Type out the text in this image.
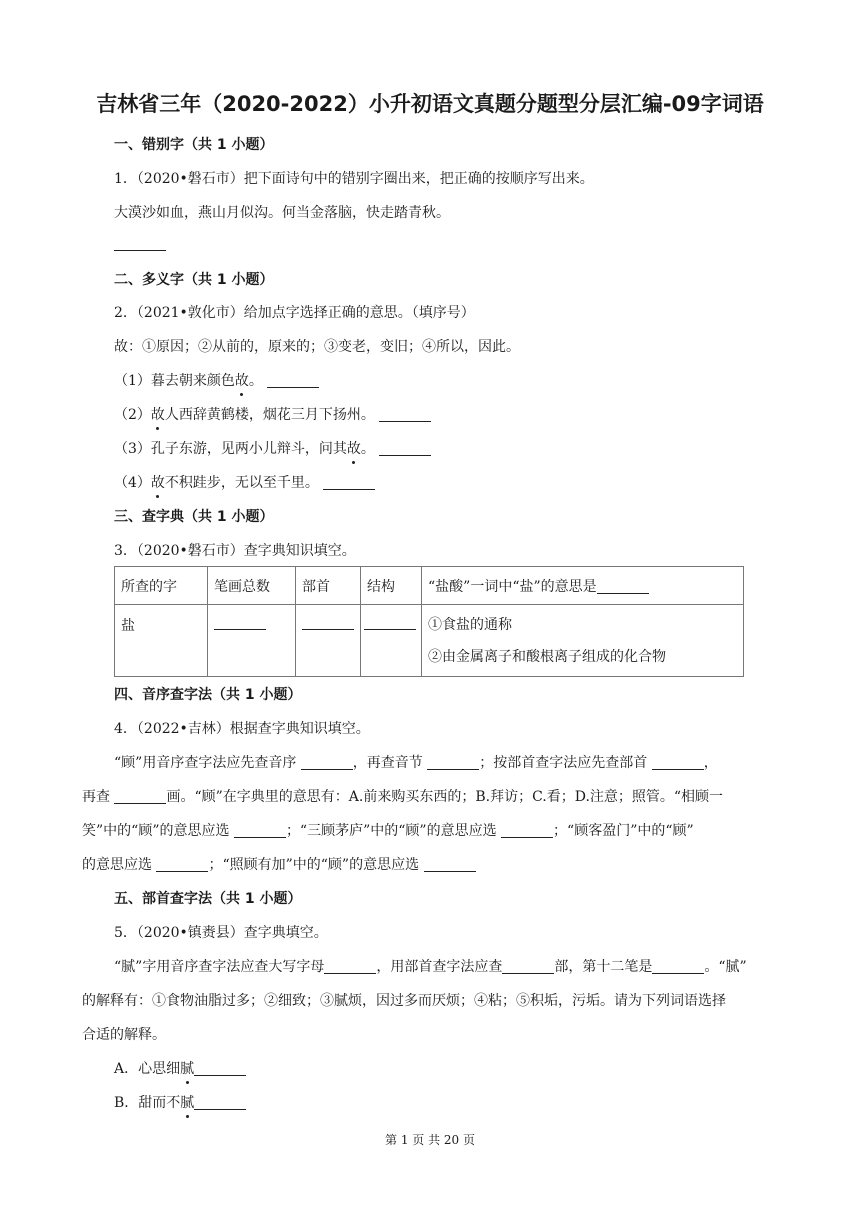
吉林省三年（2020-2022）小升初语文真题分题型分层汇编-09字词语
一、错别字（共 1 小题）
1．（2020•磐石市）把下面诗句中的错别字圈出来，把正确的按顺序写出来。
大漠沙如血，燕山月似沟。何当金落脑，快走踏青秋。
二、多义字（共 1 小题）
2．（2021•敦化市）给加点字选择正确的意思。（填序号）
故：①原因；②从前的，原来的；③变老，变旧；④所以，因此。
（1）暮去朝来颜色故。
（2）故人西辞黄鹤楼，烟花三月下扬州。
（3）孔子东游，见两小儿辩斗，问其故。
（4）故不积跬步，无以至千里。
三、查字典（共 1 小题）
3．（2020•磐石市）查字典知识填空。
所查的字	笔画总数	部首	结构	“盐酸”一词中“盐”的意思是
盐				①食盐的通称
②由金属离子和酸根离子组成的化合物
四、音序查字法（共 1 小题）
4．（2022•吉林）根据查字典知识填空。
“顾”用音序查字法应先查音序	，再查音节	；按部首查字法应先查部首	，
再查	画。“顾”在字典里的意思有：A.前来购买东西的；B.拜访；C.看；D.注意；照管。“相顾一
笑”中的“顾”的意思应选	；“三顾茅庐”中的“顾”的意思应选	；“顾客盈门”中的“顾”
的意思应选	；“照顾有加”中的“顾”的意思应选
五、部首查字法（共 1 小题）
5．（2020•镇赉县）查字典填空。
“腻”字用音序查字法应查大写字母	，用部首查字法应查	部，第十二笔是	。“腻”
的解释有：①食物油脂过多；②细致；③腻烦，因过多而厌烦；④粘；⑤积垢，污垢。请为下列词语选择
合适的解释。
A．心思细腻
B．甜而不腻
第 1 页 共 20 页
